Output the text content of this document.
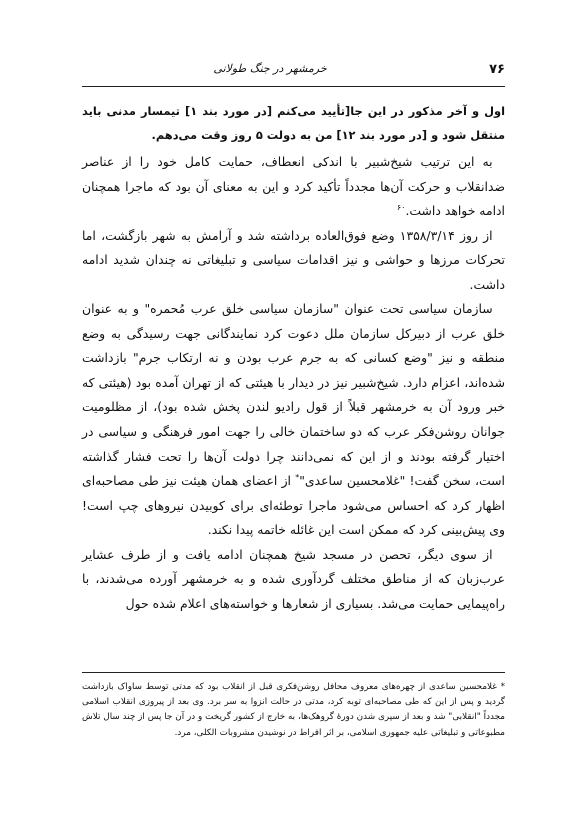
۷۶
خرمشهر در جنگ طولانی
اول و آخر مذکور در این جا[تأیید می‌کنم [در مورد بند ۱] تیمسار مدنی باید منتقل شود و [در مورد بند ۱۲] من به دولت ۵ روز وقت می‌دهم.

 به این ترتیب شیخ‌شبیر با اندکی انعطاف، حمایت کامل خود را از عناصر ضدانقلاب و حرکت آن‌ها مجدداً تأکید کرد و این به معنای آن بود که ماجرا همچنان ادامه خواهد داشت.$^{۶۰}$

 از روز ۱۳۵۸/۳/۱۴ وضع فوق‌العاده برداشته شد و آرامش به شهر بازگشت، اما تحرکات مرزها و حواشی و نیز اقدامات سیاسی و تبلیغاتی نه چندان شدید ادامه داشت.

 سازمان سیاسی تحت عنوان "سازمان سیاسی خلق عرب مُحمره" و به عنوان خلق عرب از دبیرکل سازمان ملل دعوت کرد نمایندگانی جهت رسیدگی به وضع منطقه و نیز "وضع کسانی که به جرم عرب بودن و نه ارتکاب جرم" بازداشت شده‌اند، اعزام دارد. شیخ‌شبیر نیز در دیدار با هیئتی که از تهران آمده بود (هیئتی که خبر ورود آن به خرمشهر قبلاً از قول رادیو لندن پخش شده بود)، از مظلومیت جوانان روشن‌فکر عرب که دو ساختمان خالی را جهت امور فرهنگی و سیاسی در اختیار گرفته بودند و از این که نمی‌دانند چرا دولت آن‌ها را تحت فشار گذاشته است، سخن گفت! "غلامحسین ساعدی"* از اعضای همان هیئت نیز طی مصاحبه‌ای اظهار کرد که احساس می‌شود ماجرا توطئه‌ای برای کوبیدن نیروهای چپ است! وی پیش‌بینی کرد که ممکن است این غائله خاتمه پیدا نکند.

 از سوی دیگر، تحصن در مسجد شیخ همچنان ادامه یافت و از طرف عشایر عرب‌زبان که از مناطق مختلف گردآوری شده و به خرمشهر آورده می‌شدند، با راه‌پیمایی حمایت می‌شد. بسیاری از شعارها و خواسته‌های اعلام شده حول

* غلامحسین ساعدی از چهره‌های معروف محافل روشن‌فکری قبل از انقلاب بود که مدتی توسط ساواک بازداشت گردید و پس از این که طی مصاحبه‌ای توبه کرد، مدتی در حالت انزوا به سر برد. وی بعد از پیروزی انقلاب اسلامی مجدداً "انقلابی" شد و بعد از سپری شدن دورهٔ گروهک‌ها، به خارج از کشور گریخت و در آن جا پس از چند سال تلاش مطبوعاتی و تبلیغاتی علیه جمهوری اسلامی، بر اثر افراط در نوشیدن مشروبات الکلی، مرد.
